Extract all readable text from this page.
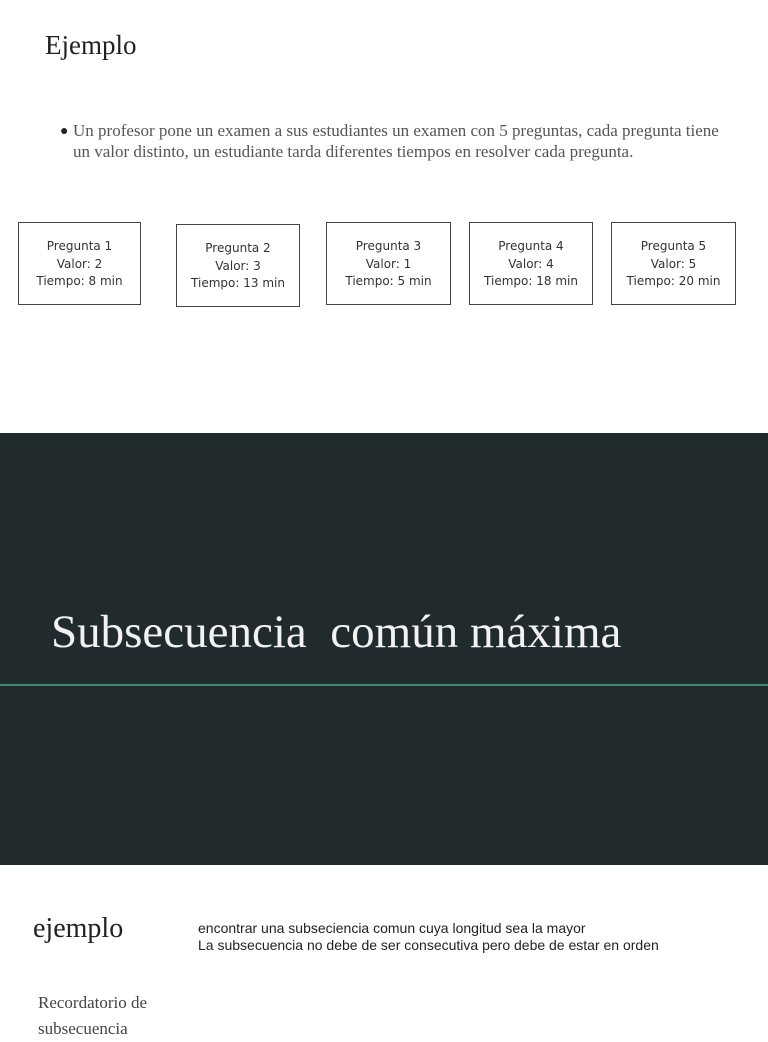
Ejemplo
● Un profesor pone un examen a sus estudiantes un examen con 5 preguntas, cada pregunta tiene un valor distinto, un estudiante tarda diferentes tiempos en resolver cada pregunta.
Pregunta 1
Valor: 2
Tiempo: 8 min
Pregunta 2
Valor: 3
Tiempo: 13 min
Pregunta 3
Valor: 1
Tiempo: 5 min
Pregunta 4
Valor: 4
Tiempo: 18 min
Pregunta 5
Valor: 5
Tiempo: 20 min
Subsecuencia  común máxima
ejemplo	encontrar una subseciencia comun cuya longitud sea la mayor
La subsecuencia no debe de ser consecutiva pero debe de estar en orden
Recordatorio de subsecuencia
